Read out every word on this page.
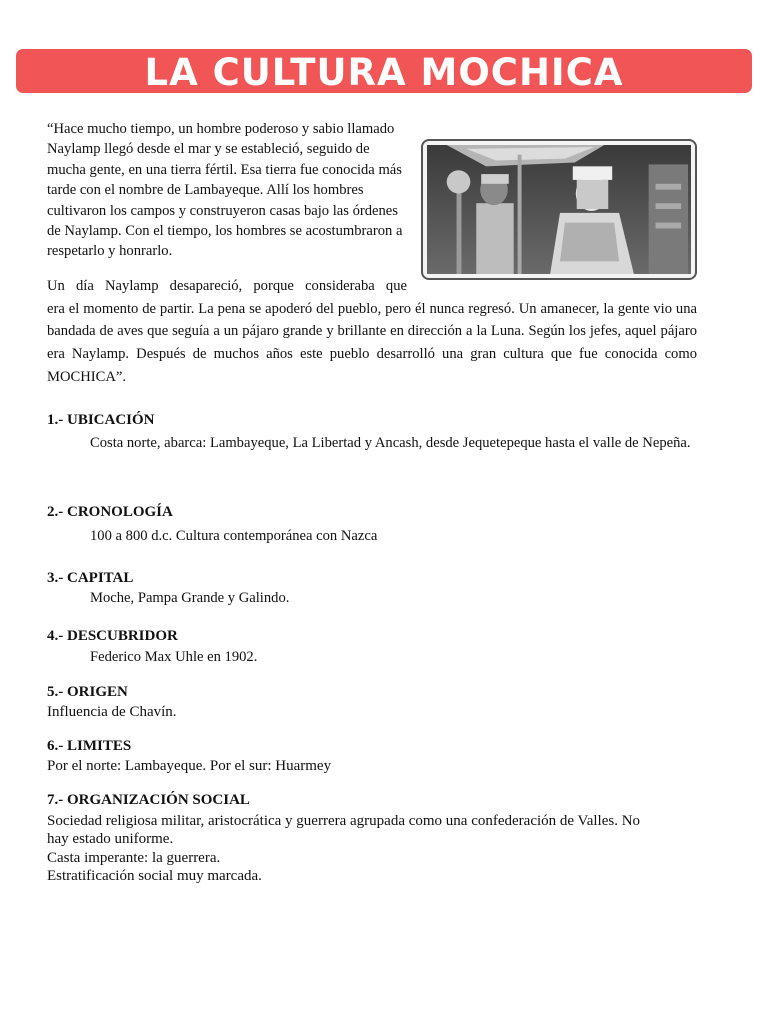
LA CULTURA MOCHICA
“Hace mucho tiempo, un hombre poderoso y sabio llamado Naylamp llegó desde el mar y se estableció, seguido de mucha gente, en una tierra fértil. Esa tierra fue conocida más tarde con el nombre de Lambayeque. Allí los hombres cultivaron los campos y construyeron casas bajo las órdenes de Naylamp. Con el tiempo, los hombres se acostumbraron a respetarlo y honrarlo.
Un día Naylamp desapareció, porque consideraba que
era el momento de partir. La pena se apoderó del pueblo, pero él nunca regresó. Un amanecer, la gente vio una bandada de aves que seguía a un pájaro grande y brillante en dirección a la Luna. Según los jefes, aquel pájaro era Naylamp. Después de muchos años este pueblo desarrolló una gran cultura que fue conocida como MOCHICA”.
1.- UBICACIÓN
Costa norte, abarca: Lambayeque, La Libertad y Ancash, desde Jequetepeque hasta el valle de Nepeña.
2.- CRONOLOGÍA
100 a 800 d.c. Cultura contemporánea con Nazca
3.- CAPITAL
Moche, Pampa Grande y Galindo.
4.- DESCUBRIDOR
Federico Max Uhle en 1902.
5.- ORIGEN
Influencia de Chavín.
6.- LIMITES
Por el norte: Lambayeque. Por el sur: Huarmey
7.- ORGANIZACIÓN SOCIAL
Sociedad religiosa militar, aristocrática y guerrera agrupada como una confederación de Valles. No
hay estado uniforme.
Casta imperante: la guerrera.
Estratificación social muy marcada.
